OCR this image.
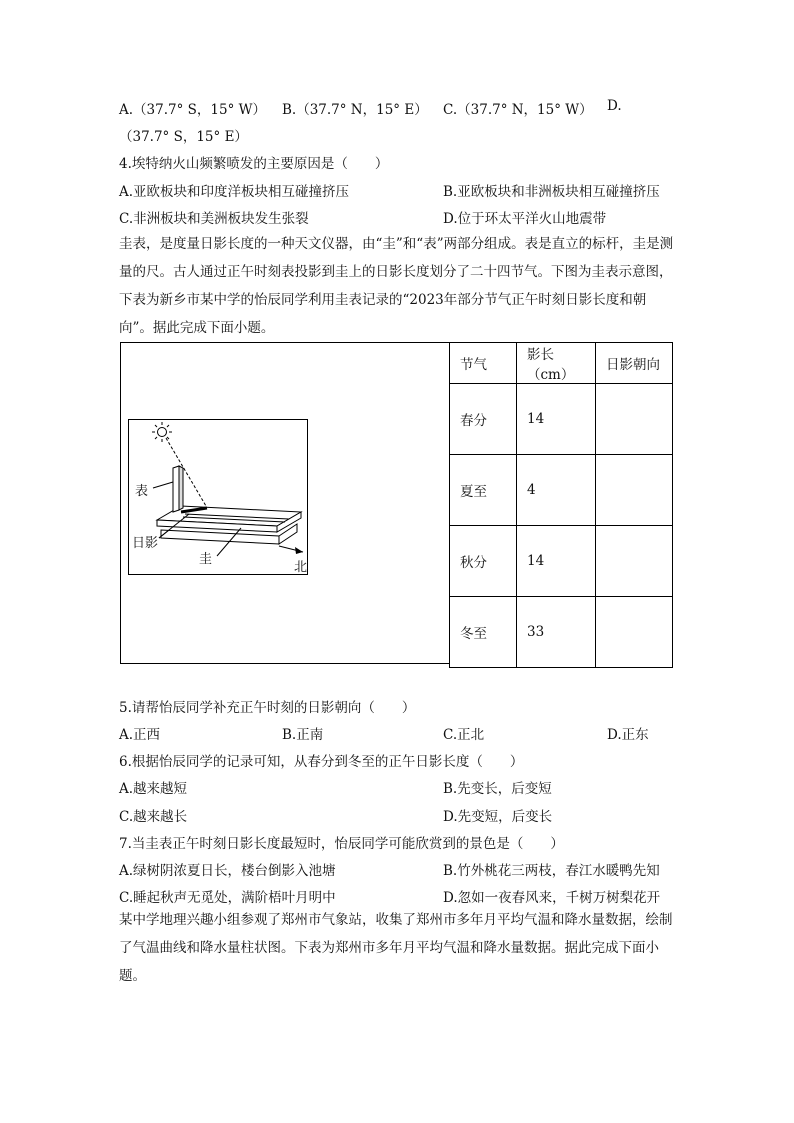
A.（37.7° S，15° W） B.（37.7° N，15° E） C.（37.7° N，15° W） D.
（37.7° S，15° E）
4.埃特纳火山频繁喷发的主要原因是（　　）
A.亚欧板块和印度洋板块相互碰撞挤压	B.亚欧板块和非洲板块相互碰撞挤压
C.非洲板块和美洲板块发生张裂	D.位于环太平洋火山地震带
圭表，是度量日影长度的一种天文仪器，由“圭”和“表”两部分组成。表是直立的标杆，圭是测量的尺。古人通过正午时刻表投影到圭上的日影长度划分了二十四节气。下图为圭表示意图，下表为新乡市某中学的怡辰同学利用圭表记录的“2023年部分节气正午时刻日影长度和朝向”。据此完成下面小题。
表
日影
圭
北
节气	影长（cm）	日影朝向
春分	14	
夏至	4	
秋分	14	
冬至	33	
5.请帮怡辰同学补充正午时刻的日影朝向（　　）
A.正西	B.正南	C.正北	D.正东
6.根据怡辰同学的记录可知，从春分到冬至的正午日影长度（　　）
A.越来越短	B.先变长，后变短
C.越来越长	D.先变短，后变长
7.当圭表正午时刻日影长度最短时，怡辰同学可能欣赏到的景色是（　　）
A.绿树阴浓夏日长，楼台倒影入池塘	B.竹外桃花三两枝，春江水暖鸭先知
C.睡起秋声无觅处，满阶梧叶月明中	D.忽如一夜春风来，千树万树梨花开
某中学地理兴趣小组参观了郑州市气象站，收集了郑州市多年月平均气温和降水量数据，绘制了气温曲线和降水量柱状图。下表为郑州市多年月平均气温和降水量数据。据此完成下面小题。
